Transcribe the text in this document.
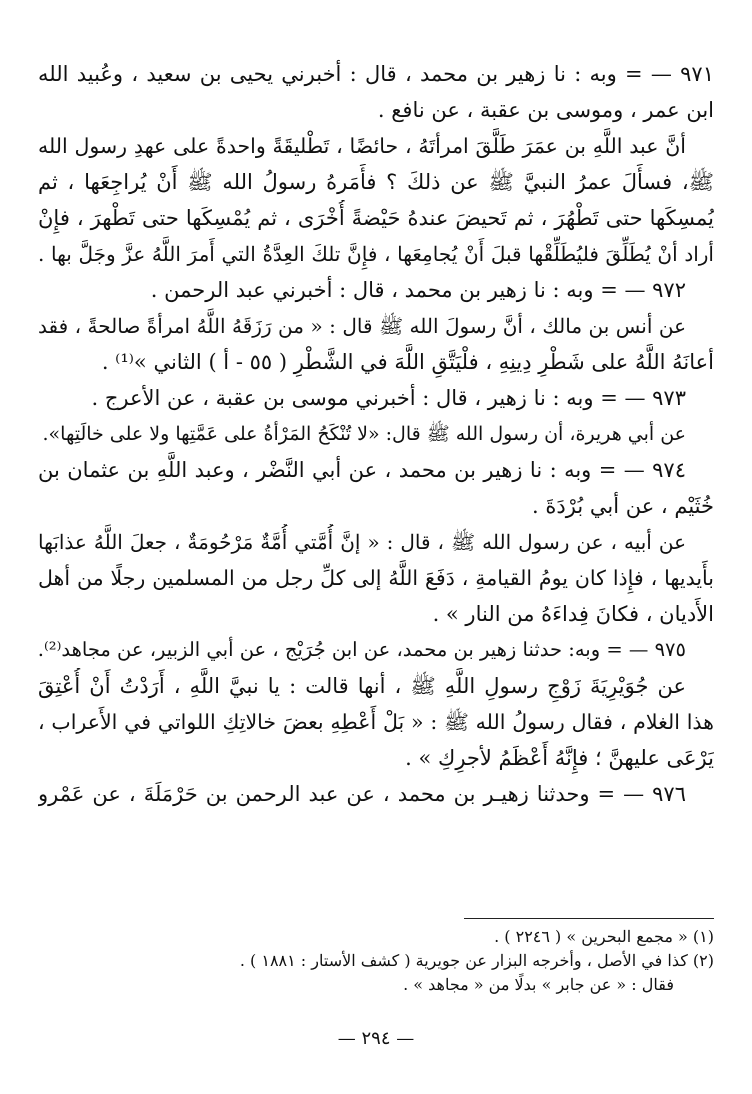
٩٧١ — = وبه : نا زهير بن محمد ، قال : أخبرني يحيى بن سعيد ، وعُبيد الله
ابن عمر ، وموسى بن عقبة ، عن نافع .
أنَّ عبد اللَّهِ بن عمَرَ طَلَّقَ امرأتَهُ ، حائضًا ، تَطْليقَةً واحدةً على عهدِ رسول الله
ﷺ، فسأَلَ عمرُ النبيَّ ﷺ عن ذلكَ ؟ فأَمَرهُ رسولُ الله ﷺ أَنْ يُراجِعَها ، ثم
يُمسِكَها حتى تَطْهُرَ ، ثم تَحيضَ عندهُ حَيْضةً أُخْرَى ، ثم يُمْسِكَها حتى تَطْهرَ ، فإِنْ
أراد أنْ يُطَلِّقَ فليُطَلِّقْها قبلَ أَنْ يُجامِعَها ، فإِنَّ تلكَ العِدَّةُ التي أَمرَ اللَّهُ عزَّ وجَلَّ بها .
٩٧٢ — = وبه : نا زهير بن محمد ، قال : أخبرني عبد الرحمن .
عن أنس بن مالك ، أنَّ رسولَ الله ﷺ قال : « من رَزَقَهُ اللَّهُ امرأةً صالحةً ، فقد
أعانَهُ اللَّهُ على شَطْرِ دِينِهِ ، فلْيَتَّقِ اللَّهَ في الشَّطْرِ ( ٥٥ - أ ) الثاني »⁽¹⁾ .
٩٧٣ — = وبه : نا زهير ، قال : أخبرني موسى بن عقبة ، عن الأعرج .
عن أبي هريرة، أن رسول الله ﷺ قال: «لا تُنْكَحُ المَرْأةُ على عَمَّتِها ولا على خالَتِها».
٩٧٤ — = وبه : نا زهير بن محمد ، عن أبي النَّضْر ، وعبد اللَّهِ بن عثمان بن
خُثَيْم ، عن أبي بُرْدَةَ .
عن أبيه ، عن رسول الله ﷺ ، قال : « إنَّ أُمَّتي أُمَّةٌ مَرْحُومَةٌ ، جعلَ اللَّهُ عذابَها
بأَيديها ، فإِذا كان يومُ القيامةِ ، دَفَعَ اللَّهُ إلى كلِّ رجل من المسلمين رجلًا من أهل
الأَديان ، فكانَ فِداءَهُ من النار » .
٩٧٥ — = وبه: حدثنا زهير بن محمد، عن ابن جُرَيْج ، عن أبي الزبير، عن مجاهد⁽²⁾.
عن جُوَيْرِيَةَ زَوْجِ رسولِ اللَّهِ ﷺ ، أنها قالت : يا نبيَّ اللَّهِ ، أَرَدْتُ أَنْ أُعْتِقَ
هذا الغلام ، فقال رسولُ الله ﷺ : « بَلْ أَعْطِهِ بعضَ خالاتِكِ اللواتي في الأَعراب ،
يَرْعَى عليهنَّ ؛ فإِنَّهُ أَعْظَمُ لأجرِكِ » .
٩٧٦ — = وحدثنا زهيـر بن محمد ، عن عبد الرحمن بن حَرْمَلَةَ ، عن عَمْرو
(١) « مجمع البحرين » ( ٢٢٤٦ ) .
(٢) كذا في الأصل ، وأخرجه البزار عن جويرية ( كشف الأستار : ١٨٨١ ) .
فقال : « عن جابر » بدلًا من « مجاهد » .
— ٢٩٤ —
